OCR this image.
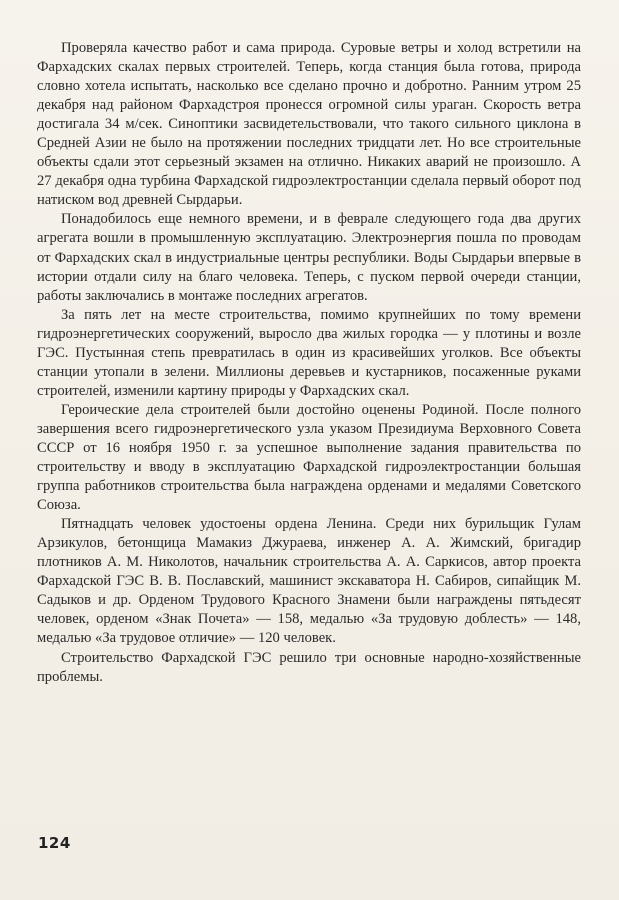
Проверяла качество работ и сама природа. Суровые ветры и холод встретили на Фархадских скалах первых строителей. Теперь, когда станция была готова, природа словно хотела испытать, насколько все сделано прочно и добротно. Ранним утром 25 декабря над районом Фархадстроя пронесся огромной силы ураган. Скорость ветра достигала 34 м/сек. Синоптики засвидетельствовали, что такого сильного циклона в Средней Азии не было на протяжении последних тридцати лет. Но все строительные объекты сдали этот серьезный экзамен на отлично. Никаких аварий не произошло. А 27 декабря одна турбина Фархадской гидроэлектростанции сделала первый оборот под натиском вод древней Сырдарьи.

Понадобилось еще немного времени, и в феврале следующего года два других агрегата вошли в промышленную эксплуатацию. Электроэнергия пошла по проводам от Фархадских скал в индустриальные центры республики. Воды Сырдарьи впервые в истории отдали силу на благо человека. Теперь, с пуском первой очереди станции, работы заключались в монтаже последних агрегатов.

За пять лет на месте строительства, помимо крупнейших по тому времени гидроэнергетических сооружений, выросло два жилых городка — у плотины и возле ГЭС. Пустынная степь превратилась в один из красивейших уголков. Все объекты станции утопали в зелени. Миллионы деревьев и кустарников, посаженные руками строителей, изменили картину природы у Фархадских скал.

Героические дела строителей были достойно оценены Родиной. После полного завершения всего гидроэнергетического узла указом Президиума Верховного Совета СССР от 16 ноября 1950 г. за успешное выполнение задания правительства по строительству и вводу в эксплуатацию Фархадской гидроэлектростанции большая группа работников строительства была награждена орденами и медалями Советского Союза.

Пятнадцать человек удостоены ордена Ленина. Среди них бурильщик Гулам Арзикулов, бетонщица Мамакиз Джураева, инженер А. А. Жимский, бригадир плотников А. М. Николотов, начальник строительства А. А. Саркисов, автор проекта Фархадской ГЭС В. В. Пославский, машинист экскаватора Н. Сабиров, сипайщик М. Садыков и др. Орденом Трудового Красного Знамени были награждены пятьдесят человек, орденом «Знак Почета» — 158, медалью «За трудовую доблесть» — 148, медалью «За трудовое отличие» — 120 человек.

Строительство Фархадской ГЭС решило три основные народно-хозяйственные проблемы.

124
